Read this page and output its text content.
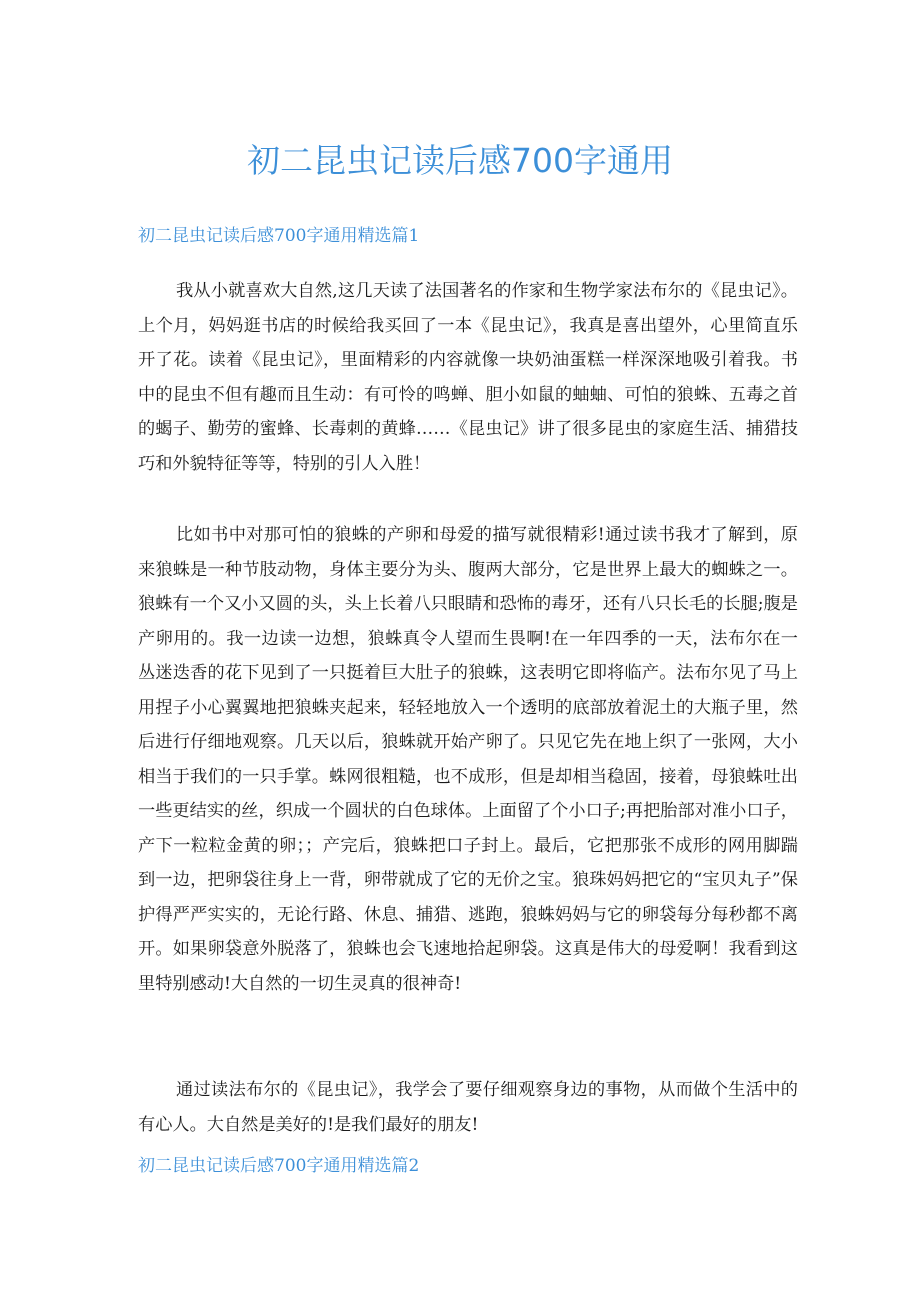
初二昆虫记读后感700字通用
初二昆虫记读后感700字通用精选篇1

我从小就喜欢大自然,这几天读了法国著名的作家和生物学家法布尔的《昆虫记》。上个月，妈妈逛书店的时候给我买回了一本《昆虫记》，我真是喜出望外，心里简直乐开了花。读着《昆虫记》，里面精彩的内容就像一块奶油蛋糕一样深深地吸引着我。书中的昆虫不但有趣而且生动：有可怜的鸣蝉、胆小如鼠的蚰蚰、可怕的狼蛛、五毒之首的蝎子、勤劳的蜜蜂、长毒刺的黄蜂……《昆虫记》讲了很多昆虫的家庭生活、捕猎技巧和外貌特征等等，特别的引人入胜！

比如书中对那可怕的狼蛛的产卵和母爱的描写就很精彩!通过读书我才了解到，原来狼蛛是一种节肢动物，身体主要分为头、腹两大部分，它是世界上最大的蜘蛛之一。狼蛛有一个又小又圆的头，头上长着八只眼睛和恐怖的毒牙，还有八只长毛的长腿;腹是产卵用的。我一边读一边想，狼蛛真令人望而生畏啊!在一年四季的一天，法布尔在一丛迷迭香的花下见到了一只挺着巨大肚子的狼蛛，这表明它即将临产。法布尔见了马上用捏子小心翼翼地把狼蛛夹起来，轻轻地放入一个透明的底部放着泥土的大瓶子里，然后进行仔细地观察。几天以后，狼蛛就开始产卵了。只见它先在地上织了一张网，大小相当于我们的一只手掌。蛛网很粗糙，也不成形，但是却相当稳固，接着，母狼蛛吐出一些更结实的丝，织成一个圆状的白色球体。上面留了个小口子;再把胎部对准小口子，产下一粒粒金黄的卵；；产完后，狼蛛把口子封上。最后，它把那张不成形的网用脚踹到一边，把卵袋往身上一背，卵带就成了它的无价之宝。狼珠妈妈把它的“宝贝丸子”保护得严严实实的，无论行路、休息、捕猎、逃跑，狼蛛妈妈与它的卵袋每分每秒都不离开。如果卵袋意外脱落了，狼蛛也会飞速地拾起卵袋。这真是伟大的母爱啊！我看到这里特别感动!大自然的一切生灵真的很神奇!

通过读法布尔的《昆虫记》，我学会了要仔细观察身边的事物，从而做个生活中的有心人。大自然是美好的!是我们最好的朋友!

初二昆虫记读后感700字通用精选篇2
